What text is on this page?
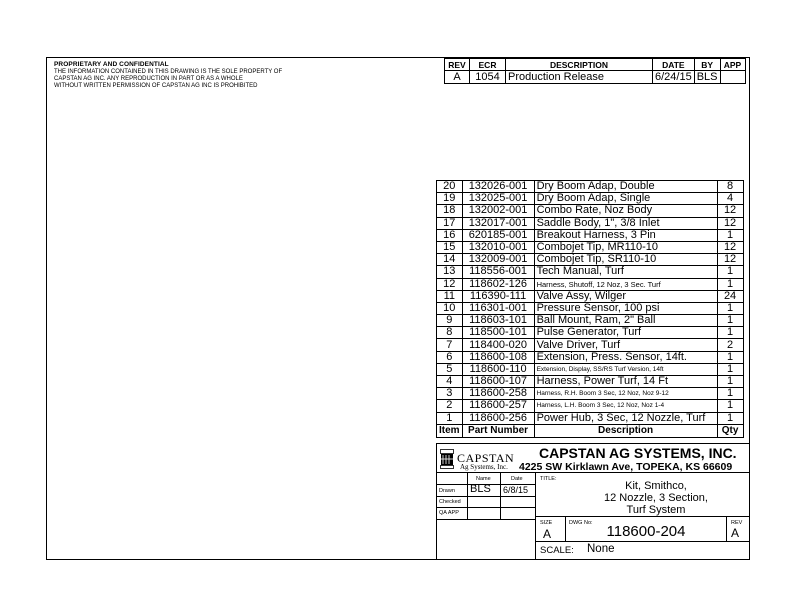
PROPRIETARY AND CONFIDENTIAL
THE INFORMATION CONTAINED IN THIS DRAWING IS THE SOLE PROPERTY OF
CAPSTAN AG INC. ANY REPRODUCTION IN PART OR AS A WHOLE
WITHOUT WRITTEN PERMISSION OF CAPSTAN AG INC IS PROHIBITED
REV	ECR	DESCRIPTION	DATE	BY	APP
A	1054	Production Release	6/24/15	BLS	
20	132026-001	Dry Boom Adap, Double	8
19	132025-001	Dry Boom Adap, Single	4
18	132002-001	Combo Rate, Noz Body	12
17	132017-001	Saddle Body, 1", 3/8 Inlet	12
16	620185-001	Breakout Harness, 3 Pin	1
15	132010-001	Combojet Tip, MR110-10	12
14	132009-001	Combojet Tip, SR110-10	12
13	118556-001	Tech Manual, Turf	1
12	118602-126	Harness, Shutoff, 12 Noz, 3 Sec. Turf	1
11	116390-111	Valve Assy, Wilger	24
10	116301-001	Pressure Sensor, 100 psi	1
9	118603-101	Ball Mount, Ram, 2" Ball	1
8	118500-101	Pulse Generator, Turf	1
7	118400-020	Valve Driver, Turf	2
6	118600-108	Extension, Press. Sensor, 14ft.	1
5	118600-110	Extension, Display, SS/RS Turf Version, 14ft	1
4	118600-107	Harness, Power Turf, 14 Ft	1
3	118600-258	Harness, R.H. Boom 3 Sec, 12 Noz, Noz 9-12	1
2	118600-257	Harness, L.H. Boom 3 Sec, 12 Noz, Noz 1-4	1
1	118600-256	Power Hub, 3 Sec, 12 Nozzle, Turf	1
Item	Part Number	Description	Qty
CAPSTAN
Ag Systems, Inc.
CAPSTAN AG SYSTEMS, INC.
4225 SW Kirklawn Ave, TOPEKA, KS 66609
Name	Date
Drawn
Checked
QA APP
BLS 6/8/15
TITLE:
Kit, Smithco,
12 Nozzle, 3 Section,
Turf System
SIZE
A
DWG No: 118600-204	REV
A
SCALE: None
